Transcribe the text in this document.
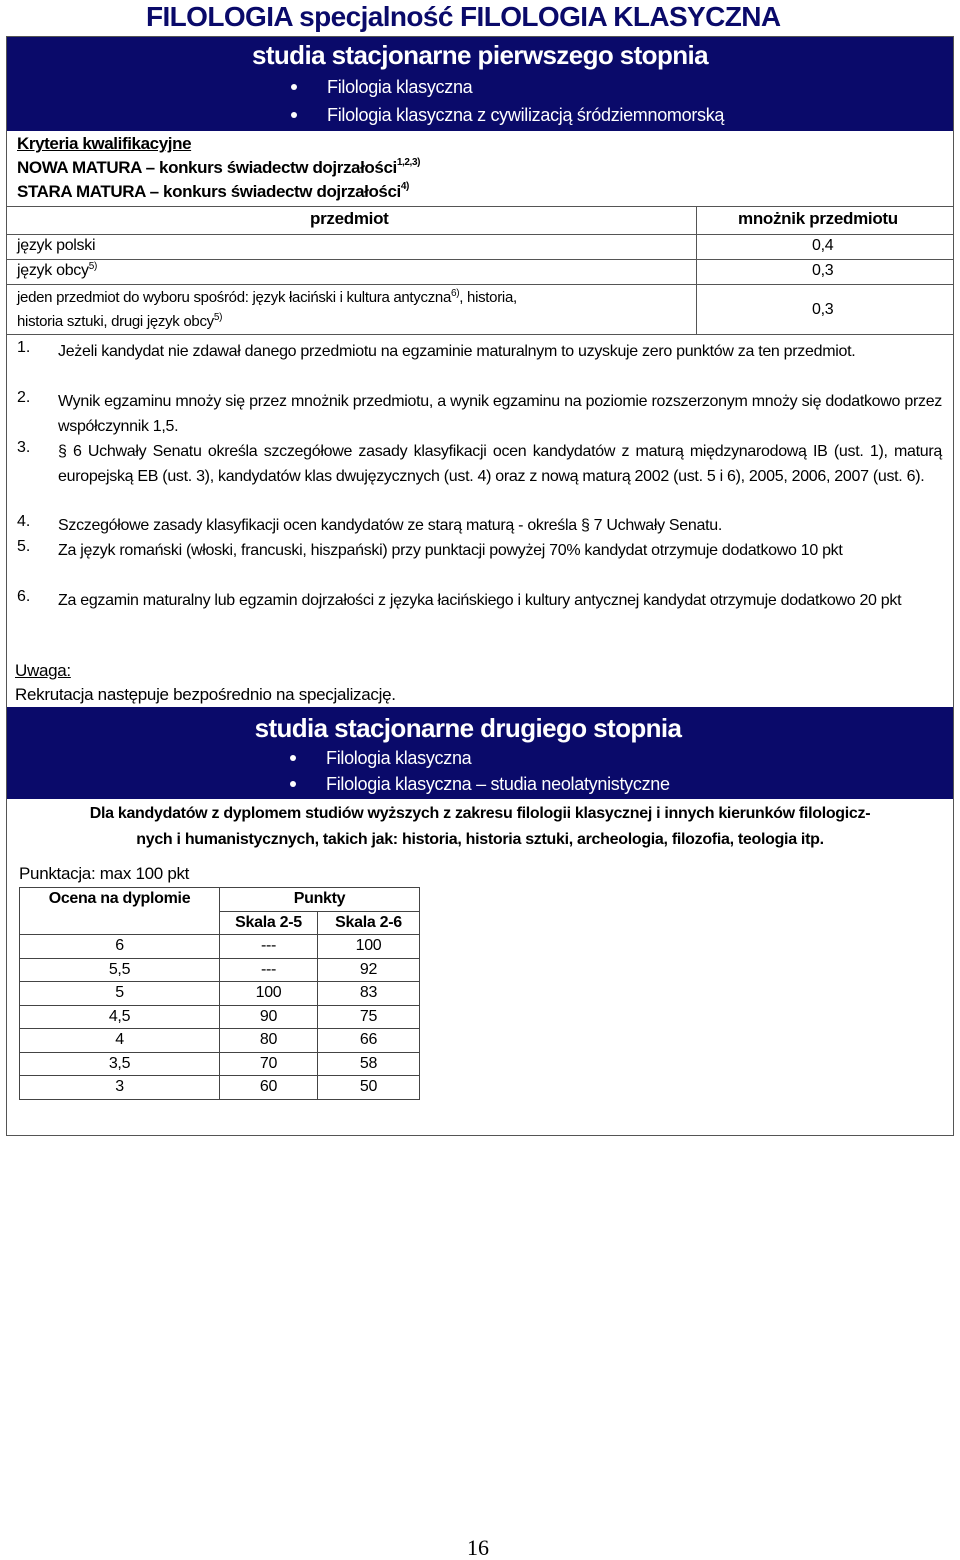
FILOLOGIA specjalność FILOLOGIA KLASYCZNA
studia stacjonarne pierwszego stopnia
Filologia klasyczna
Filologia klasyczna z cywilizacją śródziemnomorską
Kryteria kwalifikacyjne
NOWA MATURA – konkurs świadectw dojrzałości$^{1,2,3)}$
STARA MATURA – konkurs świadectw dojrzałości$^{4)}$
przedmiot	mnożnik przedmiotu
język polski	0,4
język obcy$^{5)}$	0,3
jeden przedmiot do wyboru spośród: język łaciński i kultura antyczna$^{6)}$, historia,
historia sztuki, drugi język obcy$^{5)}$	0,3
1. Jeżeli kandydat nie zdawał danego przedmiotu na egzaminie maturalnym to uzyskuje zero punktów za ten przedmiot.
2. Wynik egzaminu mnoży się przez mnożnik przedmiotu, a wynik egzaminu na poziomie rozszerzonym mnoży się dodatkowo przez współczynnik 1,5.
3. § 6 Uchwały Senatu określa szczegółowe zasady klasyfikacji ocen kandydatów z maturą międzynarodową IB (ust. 1), maturą europejską EB (ust. 3), kandydatów klas dwujęzycznych (ust. 4) oraz z nową maturą 2002 (ust. 5 i 6), 2005, 2006, 2007 (ust. 6).
4. Szczegółowe zasady klasyfikacji ocen kandydatów ze starą maturą - określa § 7 Uchwały Senatu.
5. Za język romański (włoski, francuski, hiszpański) przy punktacji powyżej 70% kandydat otrzymuje dodatkowo 10 pkt
6. Za egzamin maturalny lub egzamin dojrzałości z języka łacińskiego i kultury antycznej kandydat otrzymuje dodatkowo 20 pkt
Uwaga:
Rekrutacja następuje bezpośrednio na specjalizację.
studia stacjonarne drugiego stopnia
Filologia klasyczna
Filologia klasyczna – studia neolatynistyczne
Dla kandydatów z dyplomem studiów wyższych z zakresu filologii klasycznej i innych kierunków filologicz-
nych i humanistycznych, takich jak: historia, historia sztuki, archeologia, filozofia, teologia itp.
Punktacja: max 100 pkt
Ocena na dyplomie	Punkty	
	Skala 2-5	Skala 2-6
6	---	100
5,5	---	92
5	100	83
4,5	90	75
4	80	66
3,5	70	58
3	60	50
16
